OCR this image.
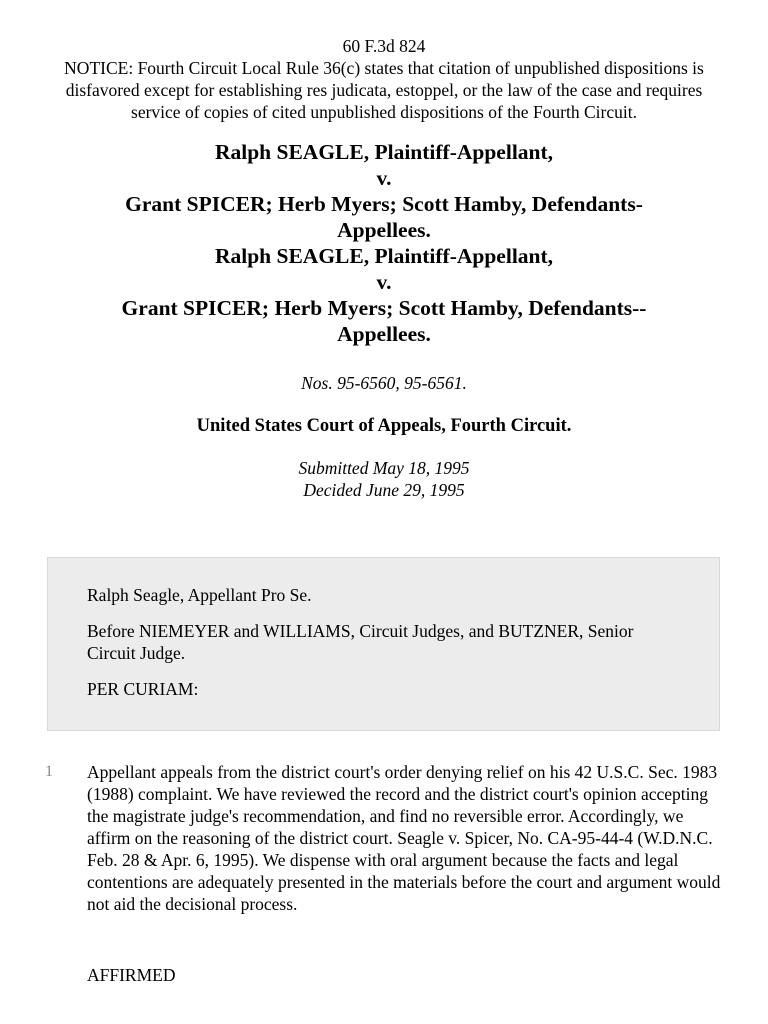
60 F.3d 824
NOTICE: Fourth Circuit Local Rule 36(c) states that citation of unpublished dispositions is disfavored except for establishing res judicata, estoppel, or the law of the case and requires service of copies of cited unpublished dispositions of the Fourth Circuit.
Ralph SEAGLE, Plaintiff-Appellant,
v.
Grant SPICER; Herb Myers; Scott Hamby, Defendants-
Appellees.
Ralph SEAGLE, Plaintiff-Appellant,
v.
Grant SPICER; Herb Myers; Scott Hamby, Defendants--
Appellees.
Nos. 95-6560, 95-6561.
United States Court of Appeals, Fourth Circuit.
Submitted May 18, 1995
Decided June 29, 1995

Ralph Seagle, Appellant Pro Se.

Before NIEMEYER and WILLIAMS, Circuit Judges, and BUTZNER, Senior Circuit Judge.

PER CURIAM:

1 Appellant appeals from the district court's order denying relief on his 42 U.S.C. Sec. 1983 (1988) complaint. We have reviewed the record and the district court's opinion accepting the magistrate judge's recommendation, and find no reversible error. Accordingly, we affirm on the reasoning of the district court. Seagle v. Spicer, No. CA-95-44-4 (W.D.N.C. Feb. 28 & Apr. 6, 1995). We dispense with oral argument because the facts and legal contentions are adequately presented in the materials before the court and argument would not aid the decisional process.
AFFIRMED
